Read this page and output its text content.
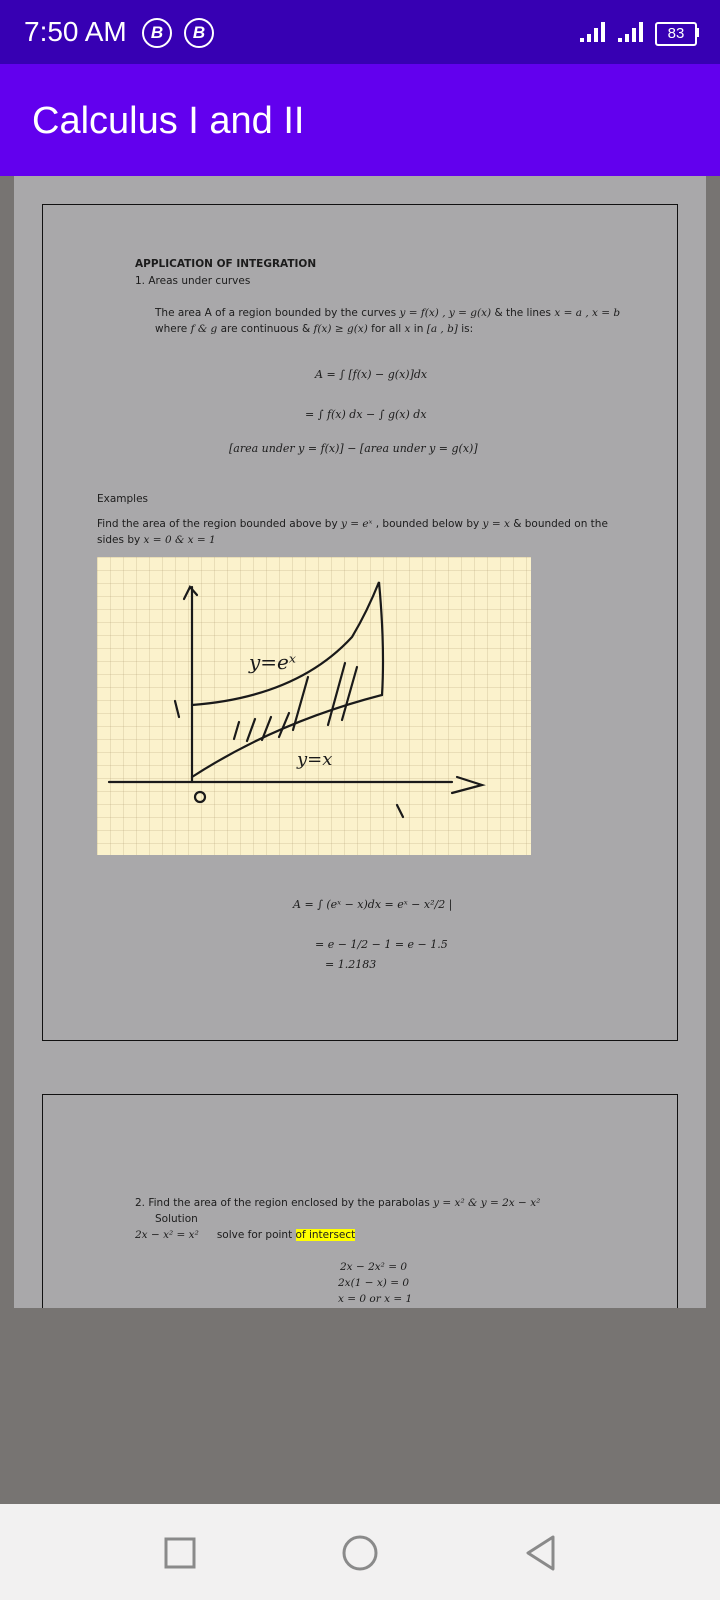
7:50 AM	B	B	83
Calculus I and II
APPLICATION OF INTEGRATION
1. Areas under curves
The area A of a region bounded by the curves y = f(x) , y = g(x) & the lines x = a , x = b
where f & g are continuous & f(x) ≥ g(x) for all x in [a , b] is:
A = ∫ [f(x) − g(x)]dx
= ∫ f(x) dx − ∫ g(x) dx
[area under y = f(x)] − [area under y = g(x)]
Examples
Find the area of the region bounded above by y = eˣ , bounded below by y = x & bounded on the
sides by x = 0 & x = 1
y=eˣ
y=x
A = ∫ (eˣ − x)dx = eˣ − x²/2 |
= e − 1/2 − 1 = e − 1.5
= 1.2183
2. Find the area of the region enclosed by the parabolas y = x² & y = 2x − x²
Solution
2x − x² = x² solve for point of intersect
2x − 2x² = 0
2x(1 − x) = 0
x = 0 or x = 1
